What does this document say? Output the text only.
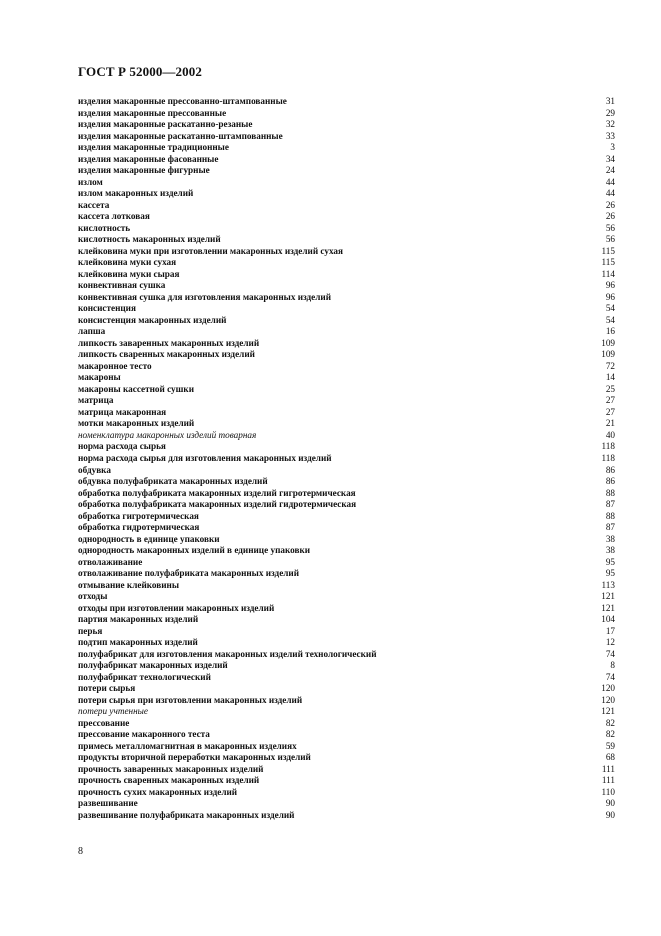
ГОСТ Р 52000—2002
изделия макаронные прессованно-штампованные	31
изделия макаронные прессованные	29
изделия макаронные раскатанно-резаные	32
изделия макаронные раскатанно-штампованные	33
изделия макаронные традиционные	3
изделия макаронные фасованные	34
изделия макаронные фигурные	24
излом	44
излом макаронных изделий	44
кассета	26
кассета лотковая	26
кислотность	56
кислотность макаронных изделий	56
клейковина муки при изготовлении макаронных изделий сухая	115
клейковина муки сухая	115
клейковина муки сырая	114
конвективная сушка	96
конвективная сушка для изготовления макаронных изделий	96
консистенция	54
консистенция макаронных изделий	54
лапша	16
липкость заваренных макаронных изделий	109
липкость сваренных макаронных изделий	109
макаронное тесто	72
макароны	14
макароны кассетной сушки	25
матрица	27
матрица макаронная	27
мотки макаронных изделий	21
номенклатура макаронных изделий товарная	40
норма расхода сырья	118
норма расхода сырья для изготовления макаронных изделий	118
обдувка	86
обдувка полуфабриката макаронных изделий	86
обработка полуфабриката макаронных изделий гигротермическая	88
обработка полуфабриката макаронных изделий гидротермическая	87
обработка гигротермическая	88
обработка гидротермическая	87
однородность в единице упаковки	38
однородность макаронных изделий в единице упаковки	38
отволаживание	95
отволаживание полуфабриката макаронных изделий	95
отмывание клейковины	113
отходы	121
отходы при изготовлении макаронных изделий	121
партия макаронных изделий	104
перья	17
подтип макаронных изделий	12
полуфабрикат для изготовления макаронных изделий технологический	74
полуфабрикат макаронных изделий	8
полуфабрикат технологический	74
потери сырья	120
потери сырья при изготовлении макаронных изделий	120
потери учтенные	121
прессование	82
прессование макаронного теста	82
примесь металломагнитная в макаронных изделиях	59
продукты вторичной переработки макаронных изделий	68
прочность заваренных макаронных изделий	111
прочность сваренных макаронных изделий	111
прочность сухих макаронных изделий	110
развешивание	90
развешивание полуфабриката макаронных изделий	90
8
